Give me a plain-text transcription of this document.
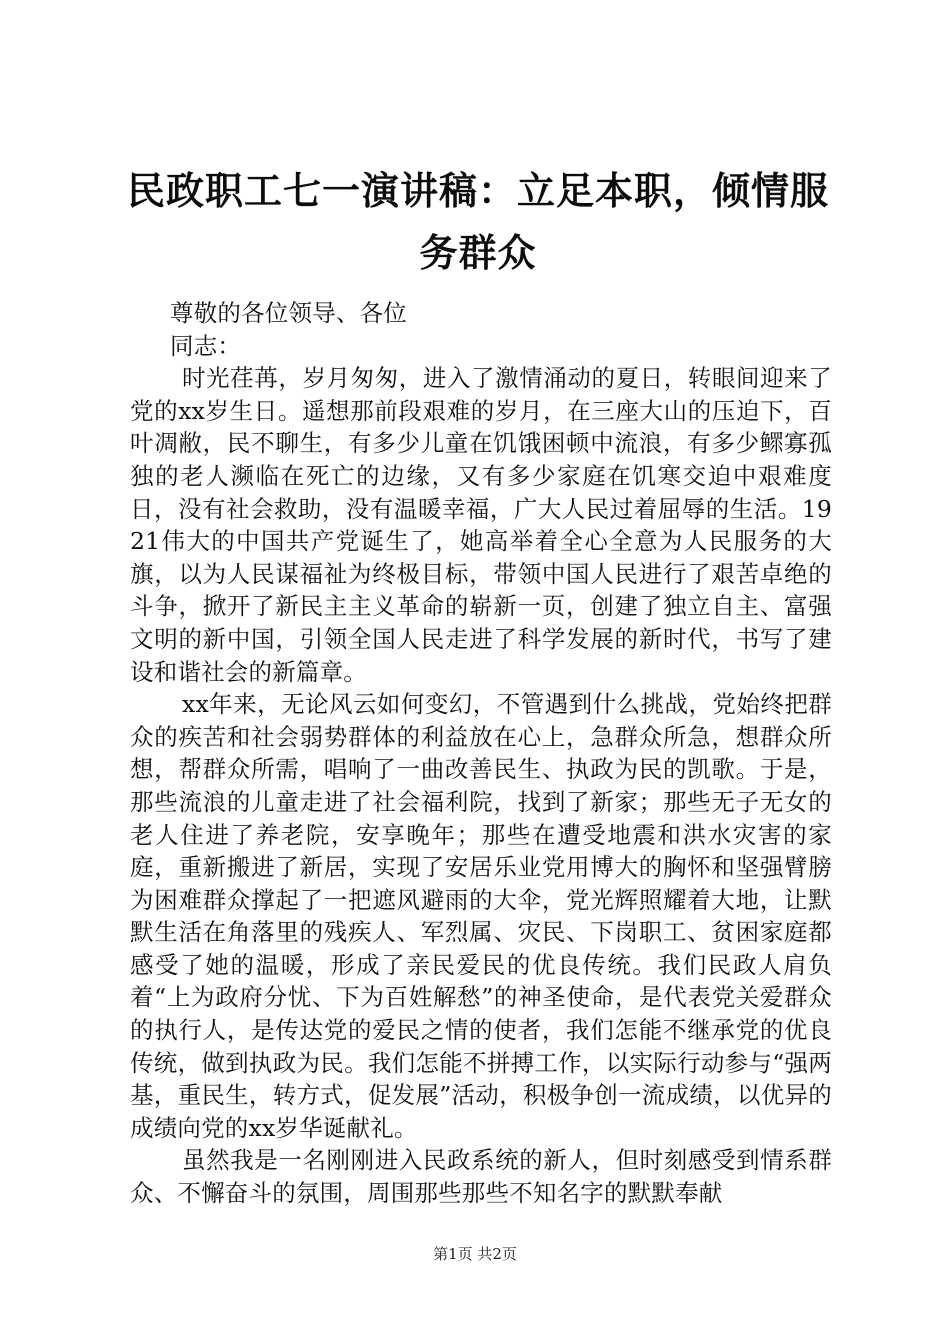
民政职工七一演讲稿：立足本职，倾情服务群众

尊敬的各位领导、各位

同志：

时光荏苒，岁月匆匆，进入了激情涌动的夏日，转眼间迎来了党的xx岁生日。遥想那前段艰难的岁月，在三座大山的压迫下，百叶凋敝，民不聊生，有多少儿童在饥饿困顿中流浪，有多少鳏寡孤独的老人濒临在死亡的边缘，又有多少家庭在饥寒交迫中艰难度日，没有社会救助，没有温暖幸福，广大人民过着屈辱的生活。1921伟大的中国共产党诞生了，她高举着全心全意为人民服务的大旗，以为人民谋福祉为终极目标，带领中国人民进行了艰苦卓绝的斗争，掀开了新民主主义革命的崭新一页，创建了独立自主、富强文明的新中国，引领全国人民走进了科学发展的新时代，书写了建设和谐社会的新篇章。

xx年来，无论风云如何变幻，不管遇到什么挑战，党始终把群众的疾苦和社会弱势群体的利益放在心上，急群众所急，想群众所想，帮群众所需，唱响了一曲改善民生、执政为民的凯歌。于是，那些流浪的儿童走进了社会福利院，找到了新家；那些无子无女的老人住进了养老院，安享晚年；那些在遭受地震和洪水灾害的家庭，重新搬进了新居，实现了安居乐业党用博大的胸怀和坚强臂膀为困难群众撑起了一把遮风避雨的大伞，党光辉照耀着大地，让默默生活在角落里的残疾人、军烈属、灾民、下岗职工、贫困家庭都感受了她的温暖，形成了亲民爱民的优良传统。我们民政人肩负着“上为政府分忧、下为百姓解愁”的神圣使命，是代表党关爱群众的执行人，是传达党的爱民之情的使者，我们怎能不继承党的优良传统，做到执政为民。我们怎能不拼搏工作，以实际行动参与“强两基，重民生，转方式，促发展”活动，积极争创一流成绩，以优异的成绩向党的xx岁华诞献礼。

虽然我是一名刚刚进入民政系统的新人，但时刻感受到情系群众、不懈奋斗的氛围，周围那些那些不知名字的默默奉献

第1页 共2页
